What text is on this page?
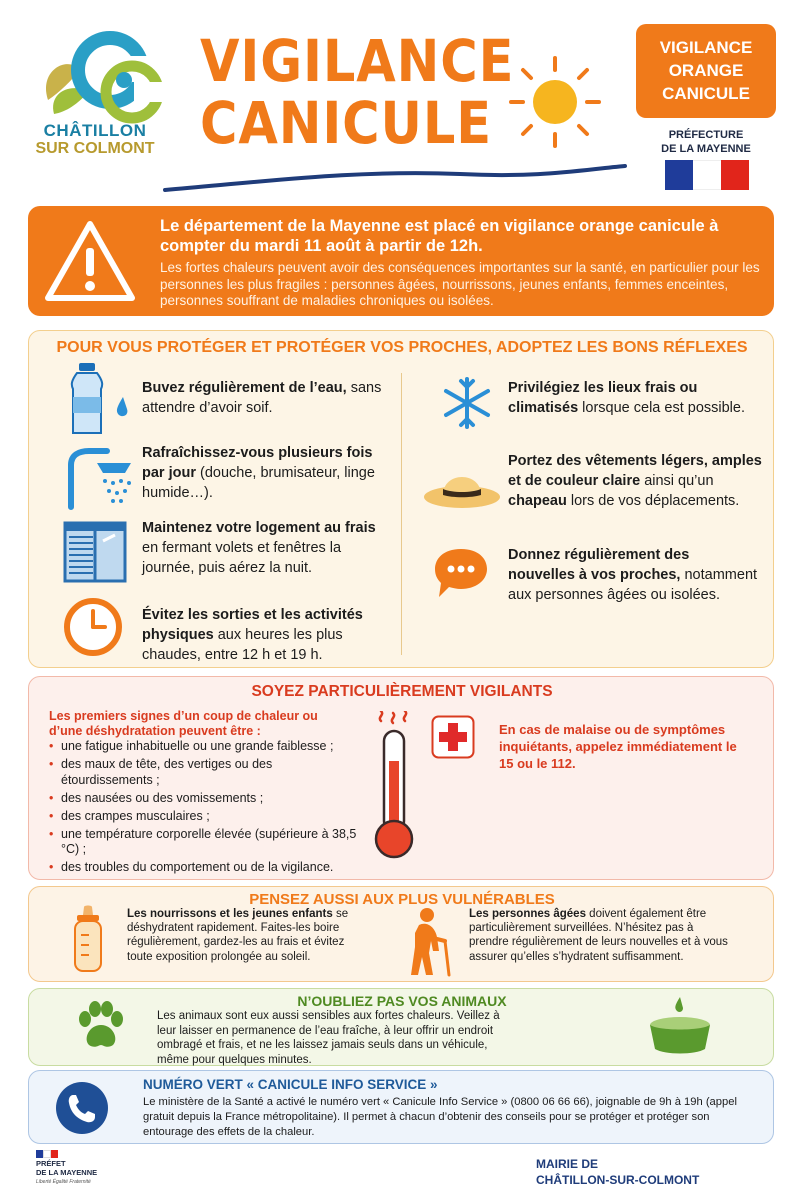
CHÂTILLON
SUR COLMONT
VIGILANCE
CANICULE
VIGILANCE
ORANGE
CANICULE
PRÉFECTURE
DE LA MAYENNE
Le département de la Mayenne est placé en vigilance orange canicule à compter du mardi 11 août à partir de 12h.
Les fortes chaleurs peuvent avoir des conséquences importantes sur la santé, en particulier pour les personnes les plus fragiles : personnes âgées, nourrissons, jeunes enfants, femmes enceintes, personnes souffrant de maladies chroniques ou isolées.
POUR VOUS PROTÉGER ET PROTÉGER VOS PROCHES, ADOPTEZ LES BONS RÉFLEXES
Buvez régulièrement de l’eau, sans attendre d’avoir soif.
Rafraîchissez-vous plusieurs fois par jour (douche, brumisateur, linge humide…).
Maintenez votre logement au frais en fermant volets et fenêtres la journée, puis aérez la nuit.
Évitez les sorties et les activités physiques aux heures les plus chaudes, entre 12 h et 19 h.
Privilégiez les lieux frais ou climatisés lorsque cela est possible.
Portez des vêtements légers, amples et de couleur claire ainsi qu’un chapeau lors de vos déplacements.
Donnez régulièrement des nouvelles à vos proches, notamment aux personnes âgées ou isolées.
SOYEZ PARTICULIÈREMENT VIGILANTS
Les premiers signes d’un coup de chaleur ou d’une déshydratation peuvent être :
• une fatigue inhabituelle ou une grande faiblesse ;
• des maux de tête, des vertiges ou des étourdissements ;
• des nausées ou des vomissements ;
• des crampes musculaires ;
• une température corporelle élevée (supérieure à 38,5 °C) ;
• des troubles du comportement ou de la vigilance.
En cas de malaise ou de symptômes inquiétants, appelez immédiatement le 15 ou le 112.
PENSEZ AUSSI AUX PLUS VULNÉRABLES
Les nourrissons et les jeunes enfants se déshydratent rapidement. Faites-les boire régulièrement, gardez-les au frais et évitez toute exposition prolongée au soleil.
Les personnes âgées doivent également être particulièrement surveillées. N’hésitez pas à prendre régulièrement de leurs nouvelles et à vous assurer qu’elles s’hydratent suffisamment.
N’OUBLIEZ PAS VOS ANIMAUX
Les animaux sont eux aussi sensibles aux fortes chaleurs. Veillez à leur laisser en permanence de l’eau fraîche, à leur offrir un endroit ombragé et frais, et ne les laissez jamais seuls dans un véhicule, même pour quelques minutes.
NUMÉRO VERT « CANICULE INFO SERVICE »
Le ministère de la Santé a activé le numéro vert « Canicule Info Service » (0800 06 66 66), joignable de 9h à 19h (appel gratuit depuis la France métropolitaine). Il permet à chacun d’obtenir des conseils pour se protéger et protéger son entourage des effets de la chaleur.
PRÉFET
DE LA MAYENNE
Liberté Égalité Fraternité
MAIRIE DE
CHÂTILLON-SUR-COLMONT
